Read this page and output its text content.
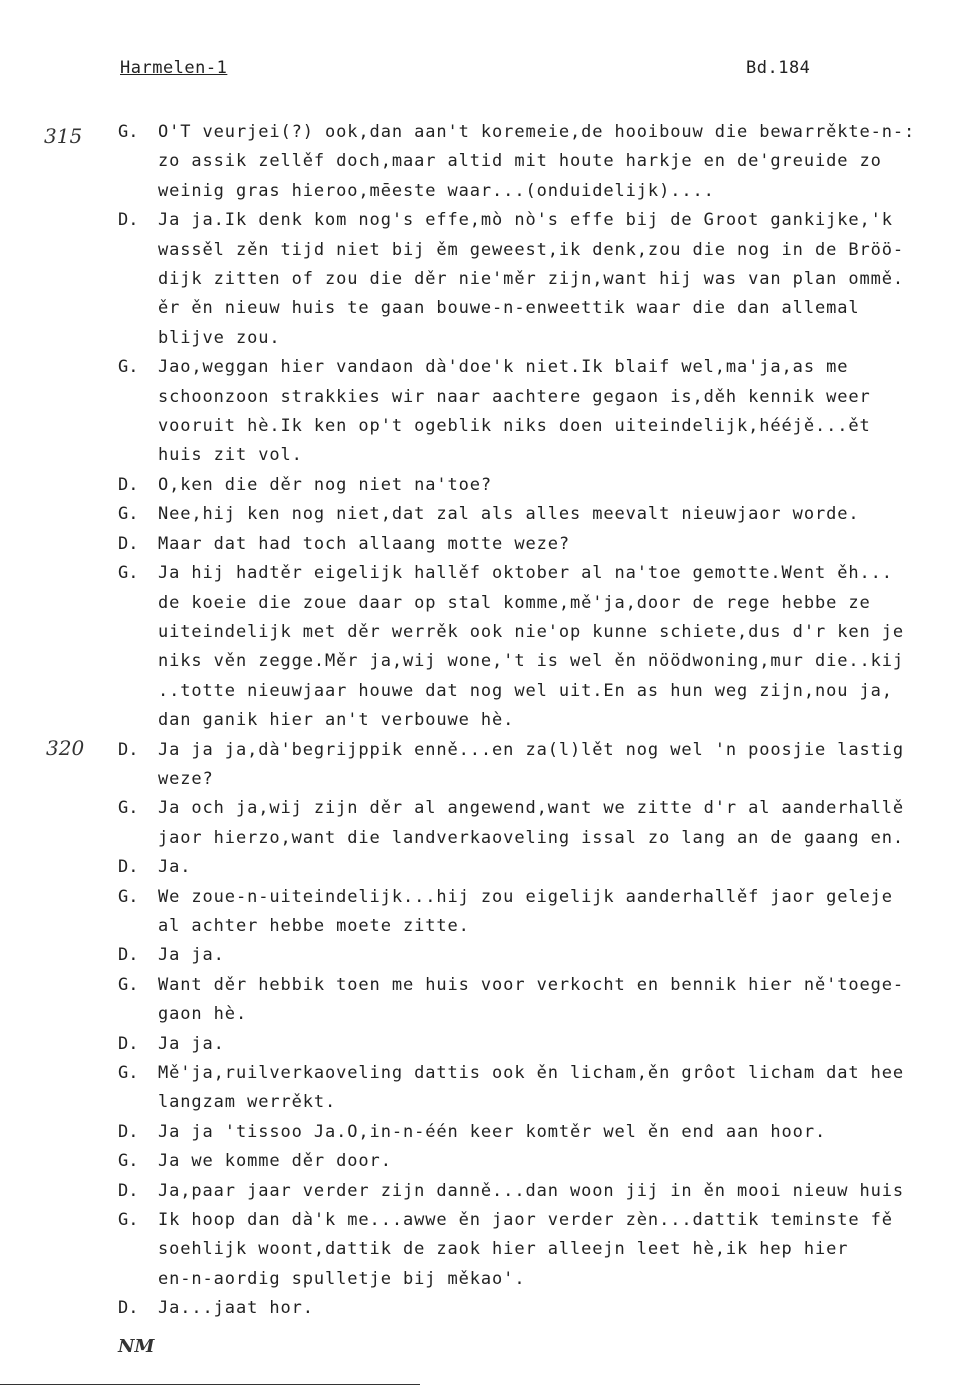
Harmelen-1	Bd.184
315
320
G.	O'T veurjei(?) ook,dan aan't koremeie,de hooibouw die bewarrěkte-n-:
zo assik zellěf doch,maar altid mit houte harkje en de'greuide zo
weinig gras hieroo,mēeste waar...(onduidelijk)....
D.	Ja ja.Ik denk kom nog's effe,mò nò's effe bij de Groot gankijke,'k
wassěl zěn tijd niet bij ěm geweest,ik denk,zou die nog in de Bröö-
dijk zitten of zou die děr nie'měr zijn,want hij was van plan ommě.
ěr ěn nieuw huis te gaan bouwe-n-enweettik waar die dan allemal
blijve zou.
G.	Jao,weggan hier vandaon dà'doe'k niet.Ik blaif wel,ma'ja,as me
schoonzoon strakkies wir naar aachtere gegaon is,děh kennik weer
vooruit hè.Ik ken op't ogeblik niks doen uiteindelijk,hééjě...ět
huis zit vol.
D.	O,ken die děr nog niet na'toe?
G.	Nee,hij ken nog niet,dat zal als alles meevalt nieuwjaor worde.
D.	Maar dat had toch allaang motte weze?
G.	Ja hij hadtěr eigelijk hallěf oktober al na'toe gemotte.Went ěh...
de koeie die zoue daar op stal komme,mě'ja,door de rege hebbe ze
uiteindelijk met děr werrěk ook nie'op kunne schiete,dus d'r ken je
niks věn zegge.Měr ja,wij wone,'t is wel ěn nöödwoning,mur die..kij
..totte nieuwjaar houwe dat nog wel uit.En as hun weg zijn,nou ja,
dan ganik hier an't verbouwe hè.
D.	Ja ja ja,dà'begrijppik enně...en za(l)lět nog wel 'n poosjie lastig
weze?
G.	Ja och ja,wij zijn děr al angewend,want we zitte d'r al aanderhallě
jaor hierzo,want die landverkaoveling issal zo lang an de gaang en.
D.	Ja.
G.	We zoue-n-uiteindelijk...hij zou eigelijk aanderhallěf jaor geleje
al achter hebbe moete zitte.
D.	Ja ja.
G.	Want děr hebbik toen me huis voor verkocht en bennik hier ně'toege-
gaon hè.
D.	Ja ja.
G.	Mě'ja,ruilverkaoveling dattis ook ěn licham,ěn grôot licham dat hee
langzam werrěkt.
D.	Ja ja 'tissoo Ja.O,in-n-één keer komtěr wel ěn end aan hoor.
G.	Ja we komme děr door.
D.	Ja,paar jaar verder zijn danně...dan woon jij in ěn mooi nieuw huis
G.	Ik hoop dan dà'k me...awwe ěn jaor verder zèn...dattik teminste fě
soehlijk woont,dattik de zaok hier alleejn leet hè,ik hep hier
en-n-aordig spulletje bij měkao'.
D.	Ja...jaat hor.
NM
